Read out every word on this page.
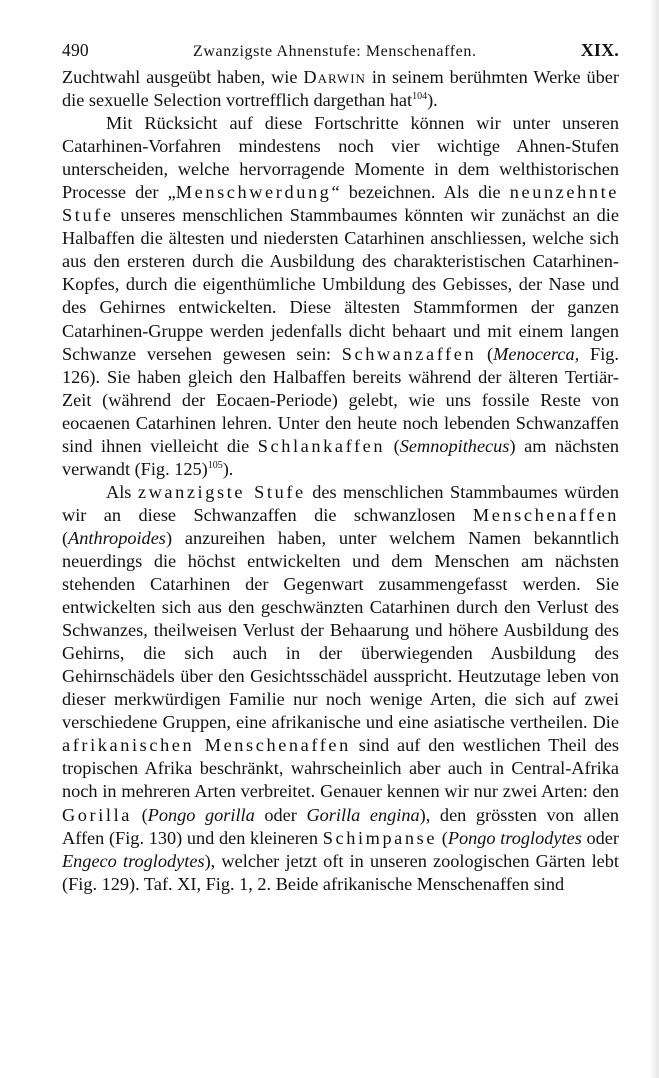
490	Zwanzigste Ahnenstufe: Menschenaffen.	XIX.

Zuchtwahl ausgeübt haben, wie Darwin in seinem berühmten Werke über die sexuelle Selection vortrefflich dargethan hat$^{104}$).

Mit Rücksicht auf diese Fortschritte können wir unter unseren Catarhinen-Vorfahren mindestens noch vier wichtige Ahnen-Stufen unterscheiden, welche hervorragende Momente in dem welthistorischen Processe der „Menschwerdung“ bezeichnen. Als die neunzehnte Stufe unseres menschlichen Stammbaumes könnten wir zunächst an die Halbaffen die ältesten und niedersten Catarhinen anschliessen, welche sich aus den ersteren durch die Ausbildung des charakteristischen Catarhinen-Kopfes, durch die eigenthümliche Umbildung des Gebisses, der Nase und des Gehirnes entwickelten. Diese ältesten Stammformen der ganzen Catarhinen-Gruppe werden jedenfalls dicht behaart und mit einem langen Schwanze versehen gewesen sein: Schwanzaffen (Menocerca, Fig. 126). Sie haben gleich den Halbaffen bereits während der älteren Tertiär-Zeit (während der Eocaen-Periode) gelebt, wie uns fossile Reste von eocaenen Catarhinen lehren. Unter den heute noch lebenden Schwanzaffen sind ihnen vielleicht die Schlankaffen (Semnopithecus) am nächsten verwandt (Fig. 125)$^{105}$).

Als zwanzigste Stufe des menschlichen Stammbaumes würden wir an diese Schwanzaffen die schwanzlosen Menschenaffen (Anthropoides) anzureihen haben, unter welchem Namen bekanntlich neuerdings die höchst entwickelten und dem Menschen am nächsten stehenden Catarhinen der Gegenwart zusammengefasst werden. Sie entwickelten sich aus den geschwänzten Catarhinen durch den Verlust des Schwanzes, theilweisen Verlust der Behaarung und höhere Ausbildung des Gehirns, die sich auch in der überwiegenden Ausbildung des Gehirnschädels über den Gesichtsschädel ausspricht. Heutzutage leben von dieser merkwürdigen Familie nur noch wenige Arten, die sich auf zwei verschiedene Gruppen, eine afrikanische und eine asiatische vertheilen. Die afrikanischen Menschenaffen sind auf den westlichen Theil des tropischen Afrika beschränkt, wahrscheinlich aber auch in Central-Afrika noch in mehreren Arten verbreitet. Genauer kennen wir nur zwei Arten: den Gorilla (Pongo gorilla oder Gorilla engina), den grössten von allen Affen (Fig. 130) und den kleineren Schimpanse (Pongo troglodytes oder Engeco troglodytes), welcher jetzt oft in unseren zoologischen Gärten lebt (Fig. 129). Taf. XI, Fig. 1, 2. Beide afrikanische Menschenaffen sind
